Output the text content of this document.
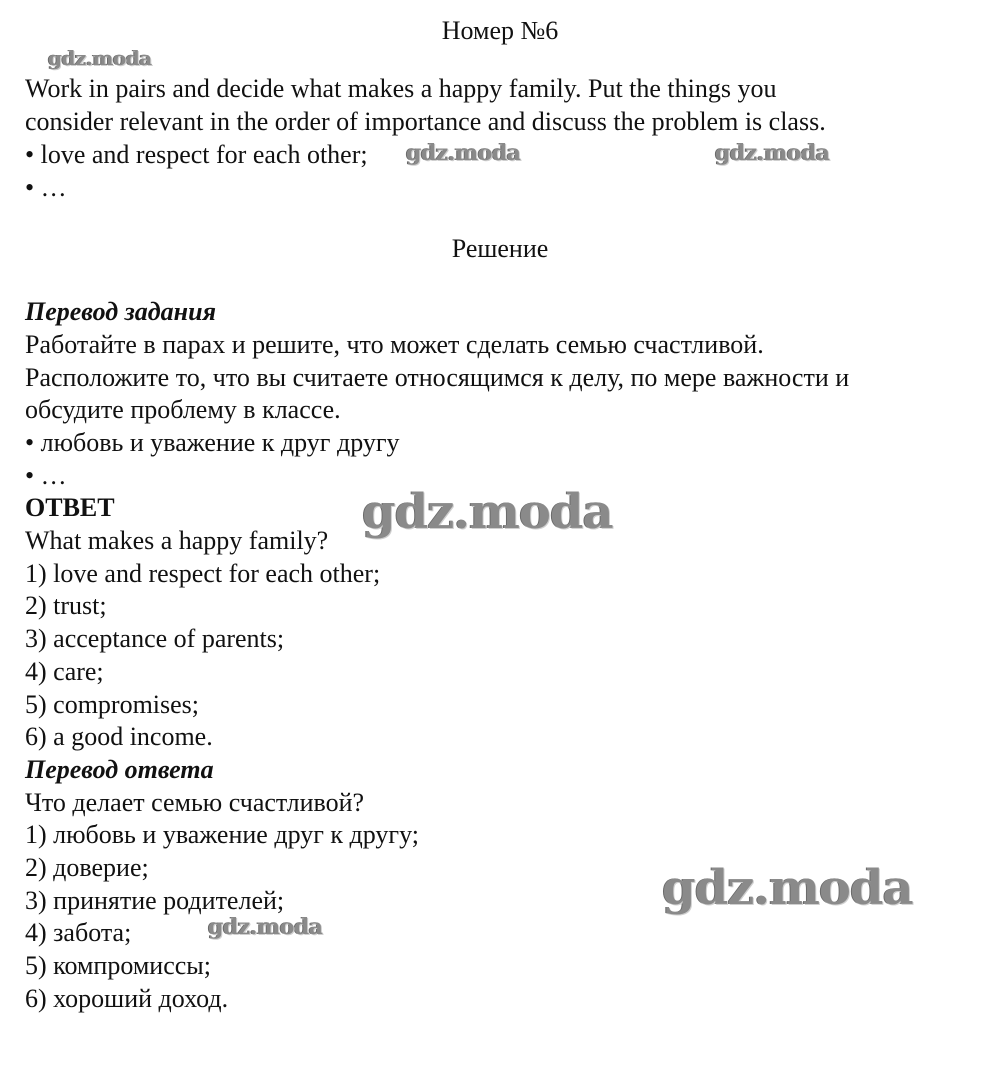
Номер №6
Work in pairs and decide what makes a happy family. Put the things you
consider relevant in the order of importance and discuss the problem is class.
• love and respect for each other;
• …
Решение
Перевод задания
Работайте в парах и решите, что может сделать семью счастливой.
Расположите то, что вы считаете относящимся к делу, по мере важности и
обсудите проблему в классе.
• любовь и уважение к друг другу
• …
ОТВЕТ
What makes a happy family?
1) love and respect for each other;
2) trust;
3) acceptance of parents;
4) care;
5) compromises;
6) a good income.
Перевод ответа
Что делает семью счастливой?
1) любовь и уважение друг к другу;
2) доверие;
3) принятие родителей;
4) забота;
5) компромиссы;
6) хороший доход.
gdz.moda
gdz.moda	gdz.moda
gdz.moda
gdz.moda
gdz.moda
